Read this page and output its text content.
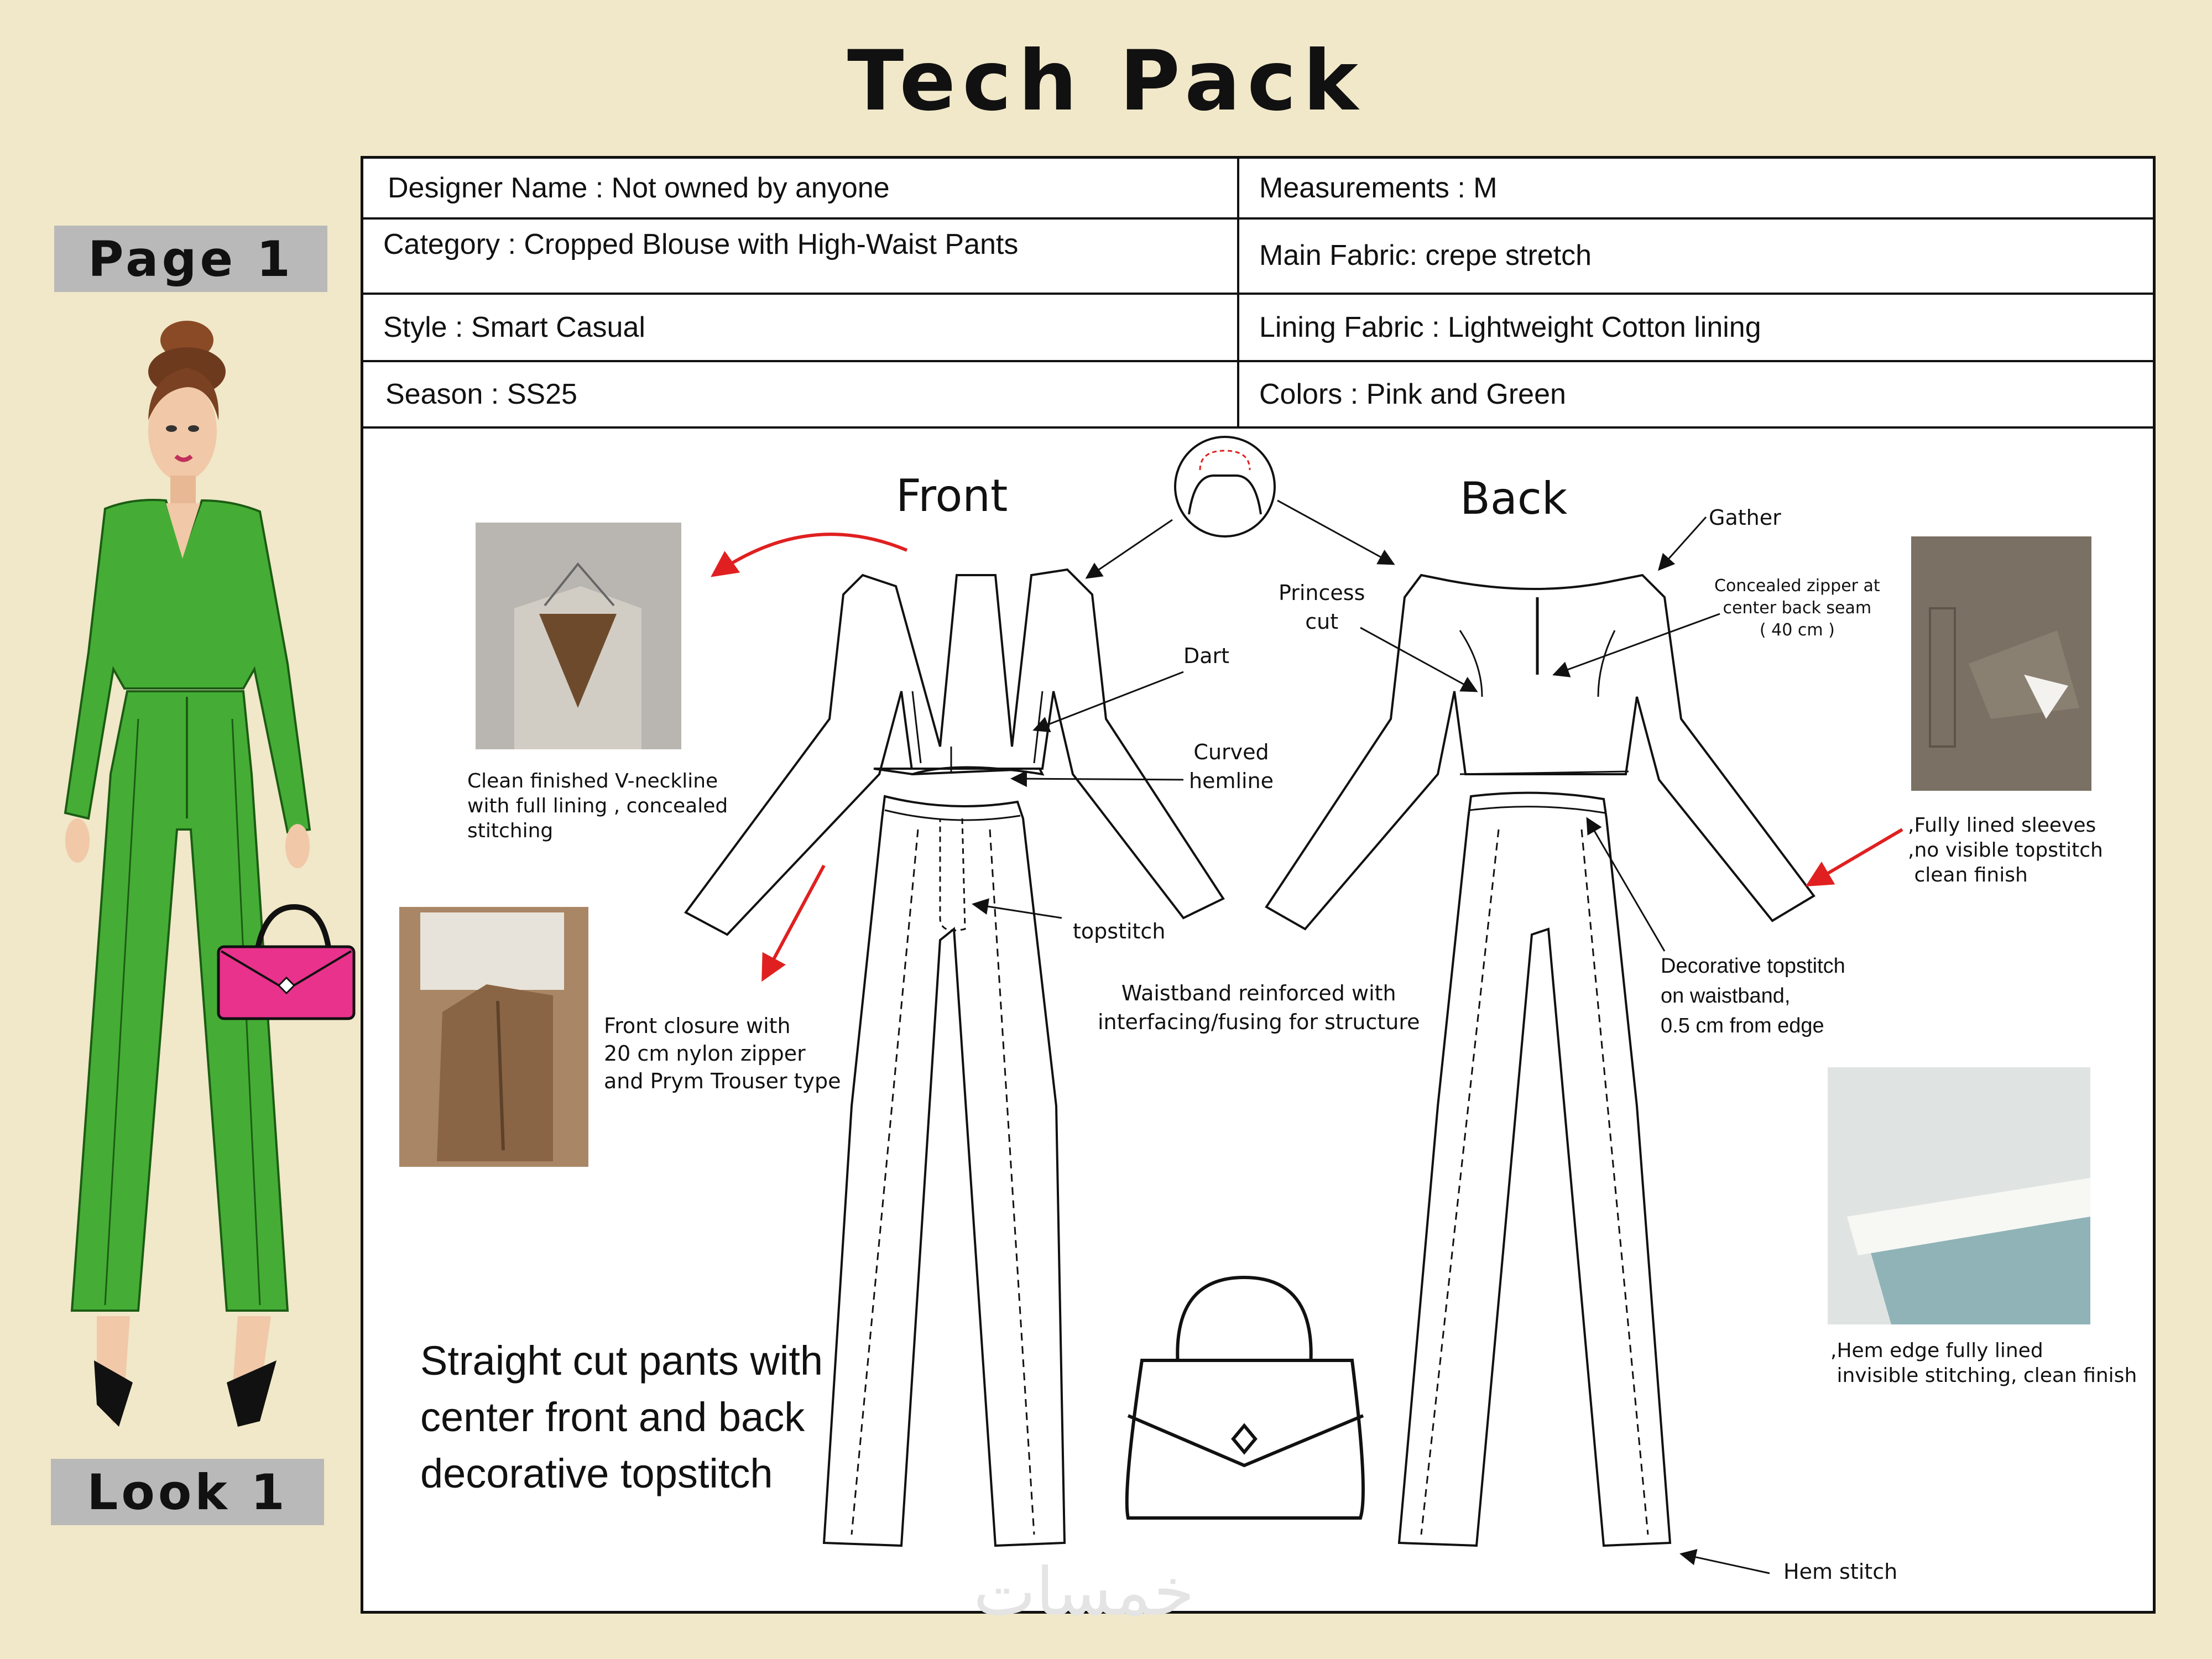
Tech Pack
Page 1
Look 1
Designer Name : Not owned by anyone	Measurements : M
Category : Cropped Blouse with High-Waist Pants	Main Fabric: crepe stretch
Style : Smart Casual	Lining Fabric : Lightweight Cotton lining
Season : SS25	Colors : Pink and Green
Front	Back
Dart
Curved
hemline
topstitch
Princess
cut
Gather
Concealed zipper at
center back seam
( 40 cm )
Waistband reinforced with
interfacing/fusing for structure
Decorative topstitch
on waistband,
0.5 cm from edge
Hem stitch
Clean finished V-neckline
with full lining , concealed
stitching
Front closure with
20 cm nylon zipper
and Prym Trouser type
,Fully lined sleeves
,no visible topstitch
clean finish
,Hem edge fully lined
invisible stitching, clean finish
Straight cut pants
center front and back
decorative topstitch
خمسات
